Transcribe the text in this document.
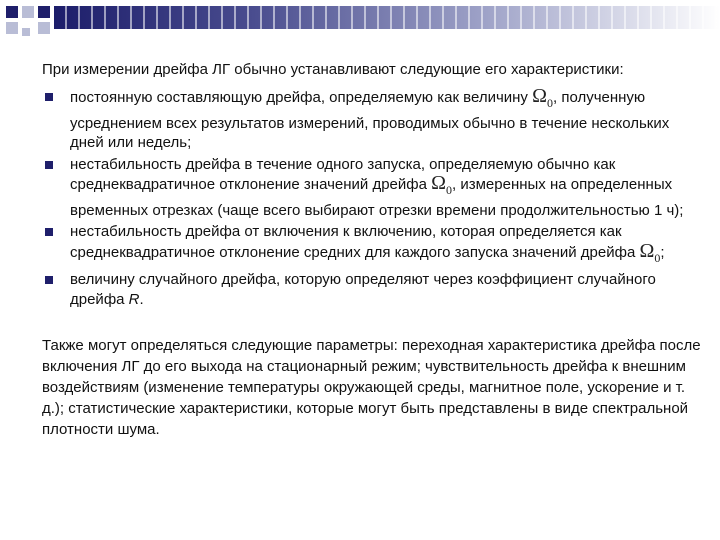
При измерении дрейфа ЛГ обычно устанавливают следующие его характеристики:

постоянную составляющую дрейфа, определяемую как величину $\Omega_0$, полученную усреднением всех результатов измерений, проводимых обычно в течение нескольких дней или недель;
нестабильность дрейфа в течение одного запуска, определяемую обычно как среднеквадратичное отклонение значений дрейфа $\Omega_0$, измеренных на определенных временных отрезках (чаще всего выбирают отрезки времени продолжительностью 1 ч);
нестабильность дрейфа от включения к включению, которая определяется как среднеквадратичное отклонение средних для каждого запуска значений дрейфа $\Omega_0$;
величину случайного дрейфа, которую определяют через коэффициент случайного дрейфа R.

Также могут определяться следующие параметры: переходная характеристика дрейфа после включения ЛГ до его выхода на стационарный режим; чувствительность дрейфа к внешним воздействиям (изменение температуры окружающей среды, магнитное поле, ускорение и т. д.); статистические характеристики, которые могут быть представлены в виде спектральной плотности шума.
